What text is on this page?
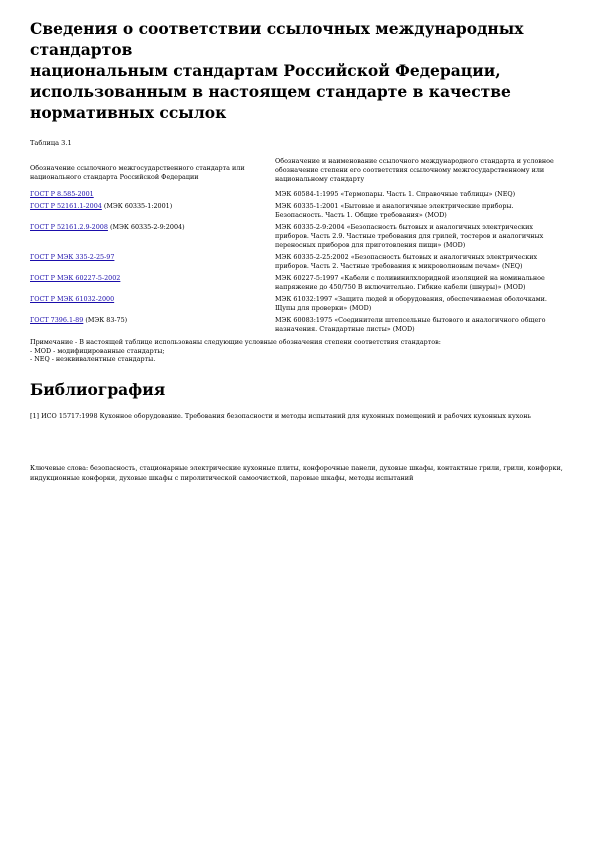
Сведения о соответствии ссылочных международных
стандартов
национальным стандартам Российской Федерации,
использованным в настоящем стандарте в качестве
нормативных ссылок
Таблица 3.1
Обозначение ссылочного межгосударственного стандарта или национального стандарта Российской Федерации	Обозначение и наименование ссылочного международного стандарта и условное обозначение степени его соответствия ссылочному межгосударственному или национальному стандарту
ГОСТ Р 8.585-2001	МЭК 60584-1:1995 «Термопары. Часть 1. Справочные таблицы» (NEQ)
ГОСТ Р 52161.1-2004 (МЭК 60335-1:2001)	МЭК 60335-1:2001 «Бытовые и аналогичные электрические приборы. Безопасность. Часть 1. Общие требования» (MOD)
ГОСТ Р 52161.2.9-2008 (МЭК 60335-2-9:2004)	МЭК 60335-2-9:2004 «Безопасность бытовых и аналогичных электрических приборов. Часть 2.9. Частные требования для грилей, тостеров и аналогичных переносных приборов для приготовления пищи» (MOD)
ГОСТ Р МЭК 335-2-25-97	МЭК 60335-2-25:2002 «Безопасность бытовых и аналогичных электрических приборов. Часть 2. Частные требования к микроволновым печам» (NEQ)
ГОСТ Р МЭК 60227-5-2002	МЭК 60227-5:1997 «Кабели с поливинилхлоридной изоляцией на номинальное напряжение до 450/750 В включительно. Гибкие кабели (шнуры)» (MOD)
ГОСТ Р МЭК 61032-2000	МЭК 61032:1997 «Защита людей и оборудования, обеспечиваемая оболочками. Щупы для проверки» (MOD)
ГОСТ 7396.1-89 (МЭК 83-75)	МЭК 60083:1975 «Соединители штепсельные бытового и аналогичного общего назначения. Стандартные листы» (MOD)
Примечание - В настоящей таблице использованы следующие условные обозначения степени соответствия стандартов:
- MOD - модифицированные стандарты;
- NEQ - неэквивалентные стандарты.
Библиография
[1] ИСО 15717:1998 Кухонное оборудование. Требования безопасности и методы испытаний для кухонных помещений и рабочих кухонных кухонь
Ключевые слова: безопасность, стационарные электрические кухонные плиты, конфорочные панели, духовые шкафы, контактные грили, грили, конфорки, индукционные конфорки, духовые шкафы с пиролитической самоочисткой, паровые шкафы, методы испытаний
